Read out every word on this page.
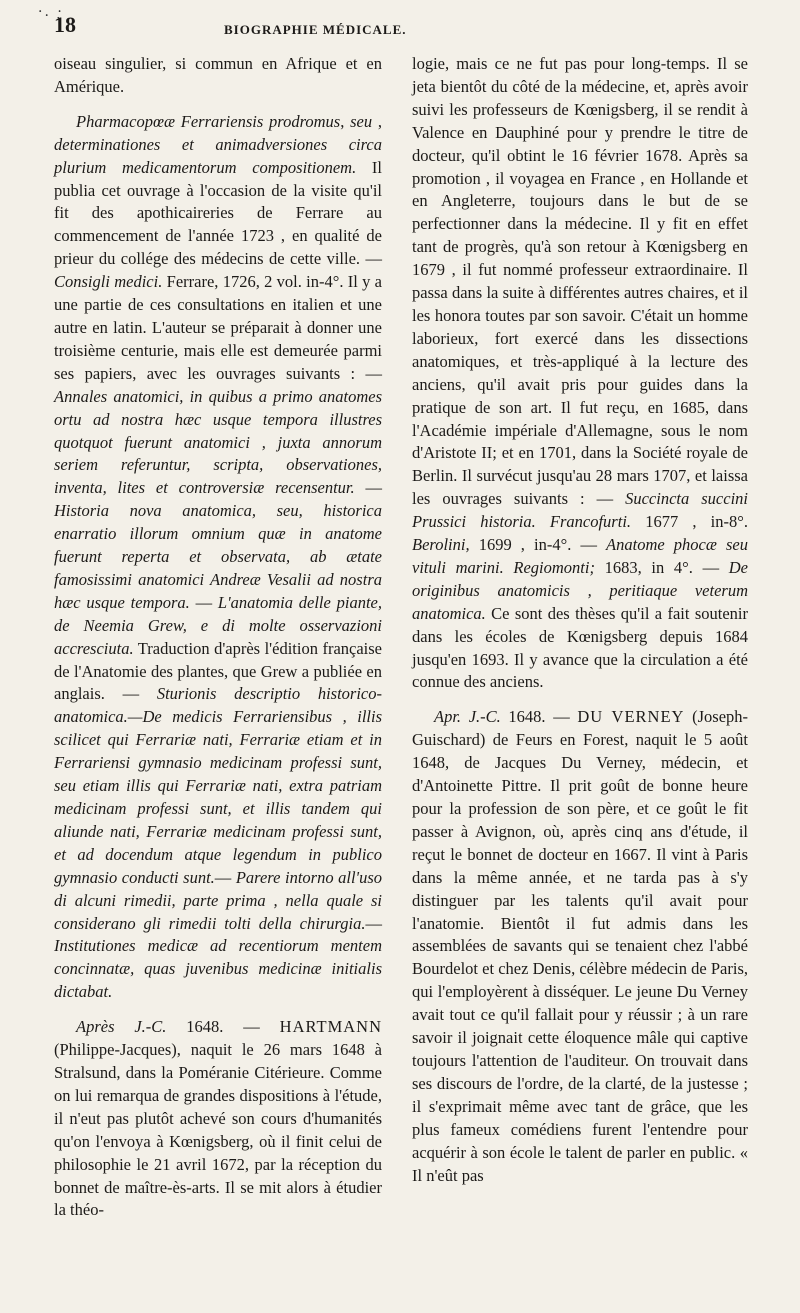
·. ·̣
18	BIOGRAPHIE MÉDICALE.

oiseau singulier, si commun en Afrique et en Amérique.

Pharmacopœæ Ferrariensis prodromus, seu , determinationes et animadversiones circa plurium medicamentorum compositionem. Il publia cet ouvrage à l'occasion de la visite qu'il fit des apothicaireries de Ferrare au commencement de l'année 1723 , en qualité de prieur du collége des médecins de cette ville. — Consigli medici. Ferrare, 1726, 2 vol. in-4°. Il y a une partie de ces consultations en italien et une autre en latin. L'auteur se préparait à donner une troisième centurie, mais elle est demeurée parmi ses papiers, avec les ouvrages suivants : — Annales anatomici, in quibus a primo anatomes ortu ad nostra hæc usque tempora illustres quotquot fuerunt anatomici , juxta annorum seriem referuntur, scripta, observationes, inventa, lites et controversiæ recensentur. — Historia nova anatomica, seu, historica enarratio illorum omnium quæ in anatome fuerunt reperta et observata, ab ætate famosissimi anatomici Andreæ Vesalii ad nostra hæc usque tempora. — L'anatomia delle piante, de Neemia Grew, e di molte osservazioni accresciuta. Traduction d'après l'édition française de l'Anatomie des plantes, que Grew a publiée en anglais. — Sturionis descriptio historico-anatomica.—De medicis Ferrariensibus , illis scilicet qui Ferrariæ nati, Ferrariæ etiam et in Ferrariensi gymnasio medicinam professi sunt, seu etiam illis qui Ferrariæ nati, extra patriam medicinam professi sunt, et illis tandem qui aliunde nati, Ferrariæ medicinam professi sunt, et ad docendum atque legendum in publico gymnasio conducti sunt.— Parere intorno all'uso di alcuni rimedii, parte prima , nella quale si considerano gli rimedii tolti della chirurgia.— Institutiones medicæ ad recentiorum mentem concinnatæ, quas juvenibus medicinæ initialis dictabat.

Après J.-C. 1648. — HARTMANN (Philippe-Jacques), naquit le 26 mars 1648 à Stralsund, dans la Poméranie Citérieure. Comme on lui remarqua de grandes dispositions à l'étude, il n'eut pas plutôt achevé son cours d'humanités qu'on l'envoya à Kœnigsberg, où il finit celui de philosophie le 21 avril 1672, par la réception du bonnet de maître-ès-arts. Il se mit alors à étudier la théo-

logie, mais ce ne fut pas pour long-temps. Il se jeta bientôt du côté de la médecine, et, après avoir suivi les professeurs de Kœnigsberg, il se rendit à Valence en Dauphiné pour y prendre le titre de docteur, qu'il obtint le 16 février 1678. Après sa promotion , il voyagea en France , en Hollande et en Angleterre, toujours dans le but de se perfectionner dans la médecine. Il y fit en effet tant de progrès, qu'à son retour à Kœnigsberg en 1679 , il fut nommé professeur extraordinaire. Il passa dans la suite à différentes autres chaires, et il les honora toutes par son savoir. C'était un homme laborieux, fort exercé dans les dissections anatomiques, et très-appliqué à la lecture des anciens, qu'il avait pris pour guides dans la pratique de son art. Il fut reçu, en 1685, dans l'Académie impériale d'Allemagne, sous le nom d'Aristote II; et en 1701, dans la Société royale de Berlin. Il survécut jusqu'au 28 mars 1707, et laissa les ouvrages suivants : — Succincta succini Prussici historia. Francofurti. 1677 , in-8°. Berolini, 1699 , in-4°. — Anatome phocæ seu vituli marini. Regiomonti; 1683, in 4°. — De originibus anatomicis , peritiaque veterum anatomica. Ce sont des thèses qu'il a fait soutenir dans les écoles de Kœnigsberg depuis 1684 jusqu'en 1693. Il y avance que la circulation a été connue des anciens.

Apr. J.-C. 1648. — DU VERNEY (Joseph-Guischard) de Feurs en Forest, naquit le 5 août 1648, de Jacques Du Verney, médecin, et d'Antoinette Pittre. Il prit goût de bonne heure pour la profession de son père, et ce goût le fit passer à Avignon, où, après cinq ans d'étude, il reçut le bonnet de docteur en 1667. Il vint à Paris dans la même année, et ne tarda pas à s'y distinguer par les talents qu'il avait pour l'anatomie. Bientôt il fut admis dans les assemblées de savants qui se tenaient chez l'abbé Bourdelot et chez Denis, célèbre médecin de Paris, qui l'employèrent à disséquer. Le jeune Du Verney avait tout ce qu'il fallait pour y réussir ; à un rare savoir il joignait cette éloquence mâle qui captive toujours l'attention de l'auditeur. On trouvait dans ses discours de l'ordre, de la clarté, de la justesse ; il s'exprimait même avec tant de grâce, que les plus fameux comédiens furent l'entendre pour acquérir à son école le talent de parler en public. « Il n'eût pas
